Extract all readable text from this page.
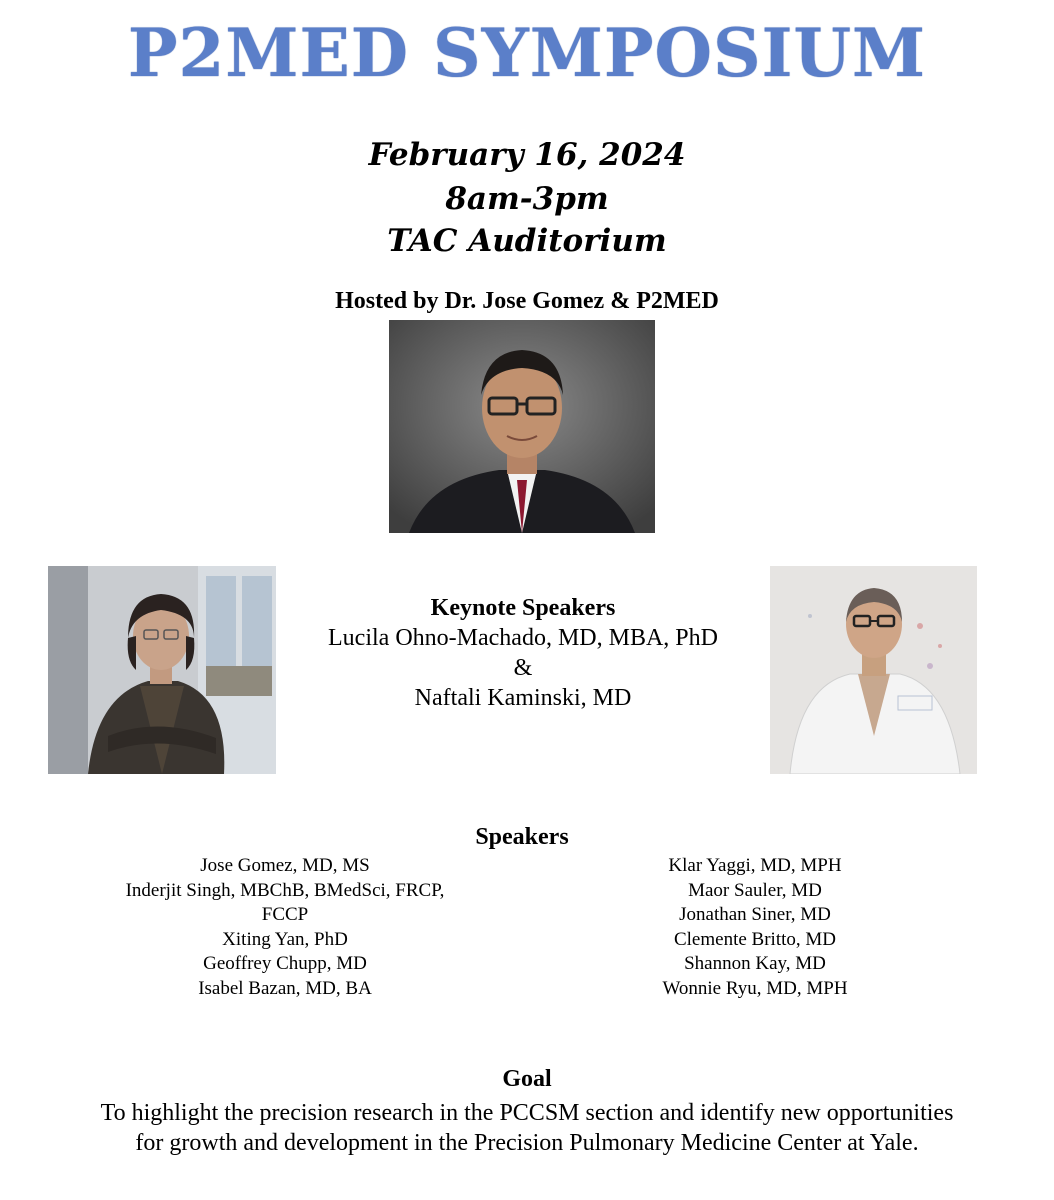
P2MED SYMPOSIUM
February 16, 2024
8am-3pm
TAC Auditorium
Hosted by Dr. Jose Gomez & P2MED
Keynote Speakers
Lucila Ohno-Machado, MD, MBA, PhD
&
Naftali Kaminski, MD
Speakers
Jose Gomez, MD, MS
Inderjit Singh, MBChB, BMedSci, FRCP,
FCCP
Xiting Yan, PhD
Geoffrey Chupp, MD
Isabel Bazan, MD, BA
Klar Yaggi, MD, MPH
Maor Sauler, MD
Jonathan Siner, MD
Clemente Britto, MD
Shannon Kay, MD
Wonnie Ryu, MD, MPH
Goal
To highlight the precision research in the PCCSM section and identify new opportunities for growth and development in the Precision Pulmonary Medicine Center at Yale.
